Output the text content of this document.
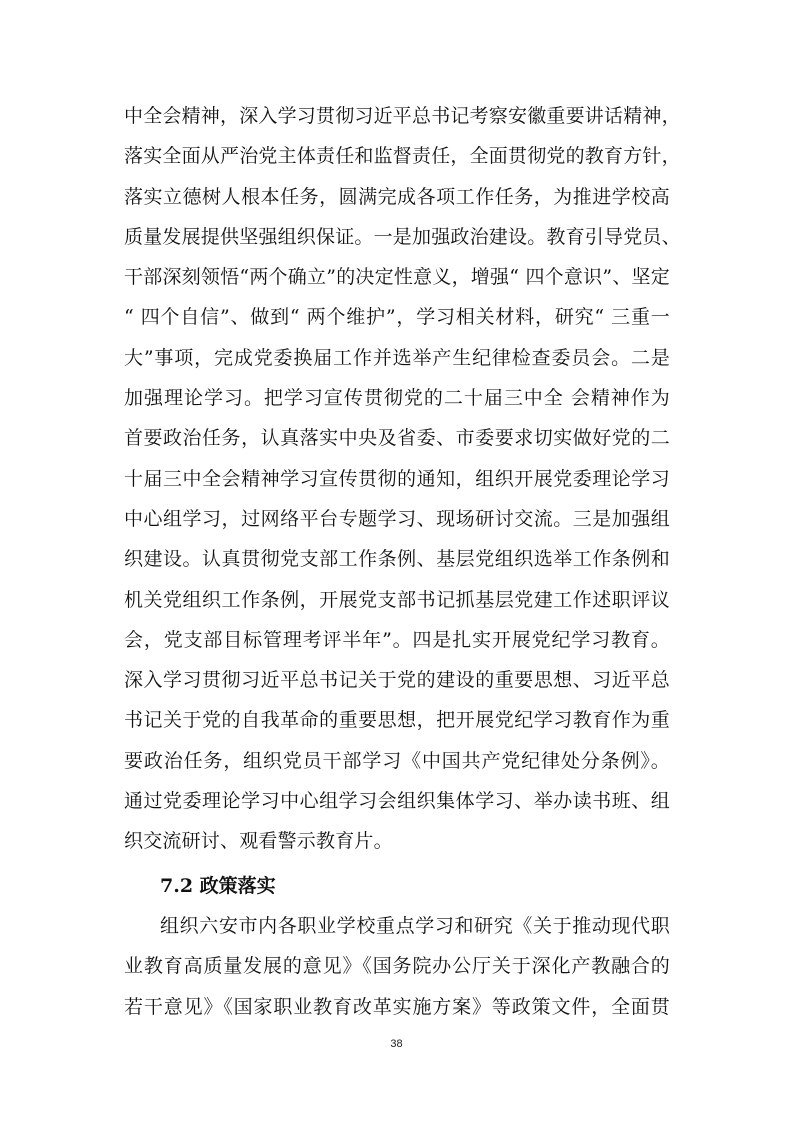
中全会精神，深入学习贯彻习近平总书记考察安徽重要讲话精神，
落实全面从严治党主体责任和监督责任，全面贯彻党的教育方针，
落实立德树人根本任务，圆满完成各项工作任务，为推进学校高
质量发展提供坚强组织保证。一是加强政治建设。教育引导党员、
干部深刻领悟“两个确立”的决定性意义，增强“ 四个意识”、坚定
“ 四个自信”、做到“ 两个维护”，学习相关材料，研究“ 三重一
大”事项，完成党委换届工作并选举产生纪律检查委员会。二是
加强理论学习。把学习宣传贯彻党的二十届三中全 会精神作为
首要政治任务，认真落实中央及省委、市委要求切实做好党的二
十届三中全会精神学习宣传贯彻的通知，组织开展党委理论学习
中心组学习，过网络平台专题学习、现场研讨交流。三是加强组
织建设。认真贯彻党支部工作条例、基层党组织选举工作条例和
机关党组织工作条例，开展党支部书记抓基层党建工作述职评议
会，党支部目标管理考评半年”。四是扎实开展党纪学习教育。
深入学习贯彻习近平总书记关于党的建设的重要思想、习近平总
书记关于党的自我革命的重要思想，把开展党纪学习教育作为重
要政治任务，组织党员干部学习《中国共产党纪律处分条例》。
通过党委理论学习中心组学习会组织集体学习、举办读书班、组
织交流研讨、观看警示教育片。
7.2 政策落实
组织六安市内各职业学校重点学习和研究《关于推动现代职
业教育高质量发展的意见》《国务院办公厅关于深化产教融合的
若干意见》《国家职业教育改革实施方案》等政策文件，全面贯
38
